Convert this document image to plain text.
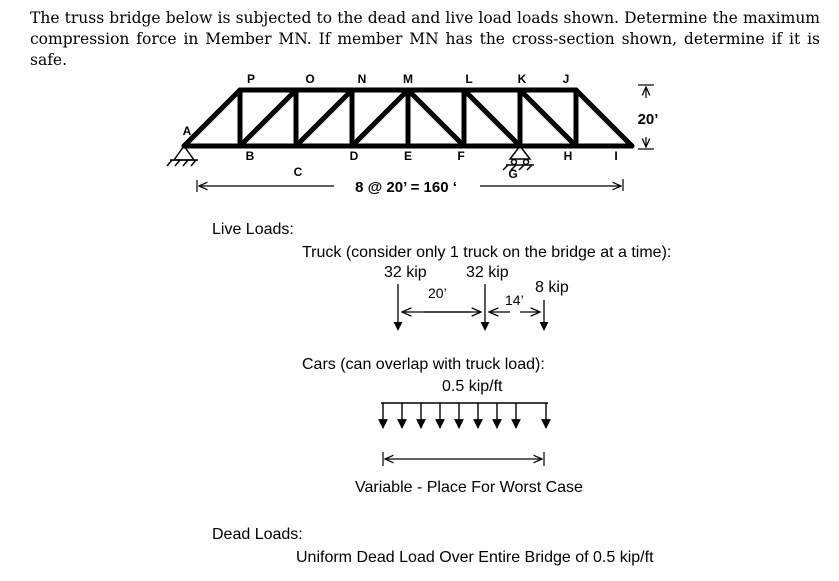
The truss bridge below is subjected to the dead and live load loads shown. Determine the maximum compression force in Member MN. If member MN has the cross-section shown, determine if it is safe.
P	O	N	M	L	K	J
A
B
C
D	E	F
G
H	I
20’
8 @ 20’ = 160 ‘
Truck (consider only 1 truck on the bridge at a time):
32 kip 32 kip
8 kip
20’	14’
Cars (can overlap with truck load):
0.5 kip/ft
Variable - Place For Worst Case
Uniform Dead Load Over Entire Bridge of 0.5 kip/ft
Live Loads:
Dead Loads:
